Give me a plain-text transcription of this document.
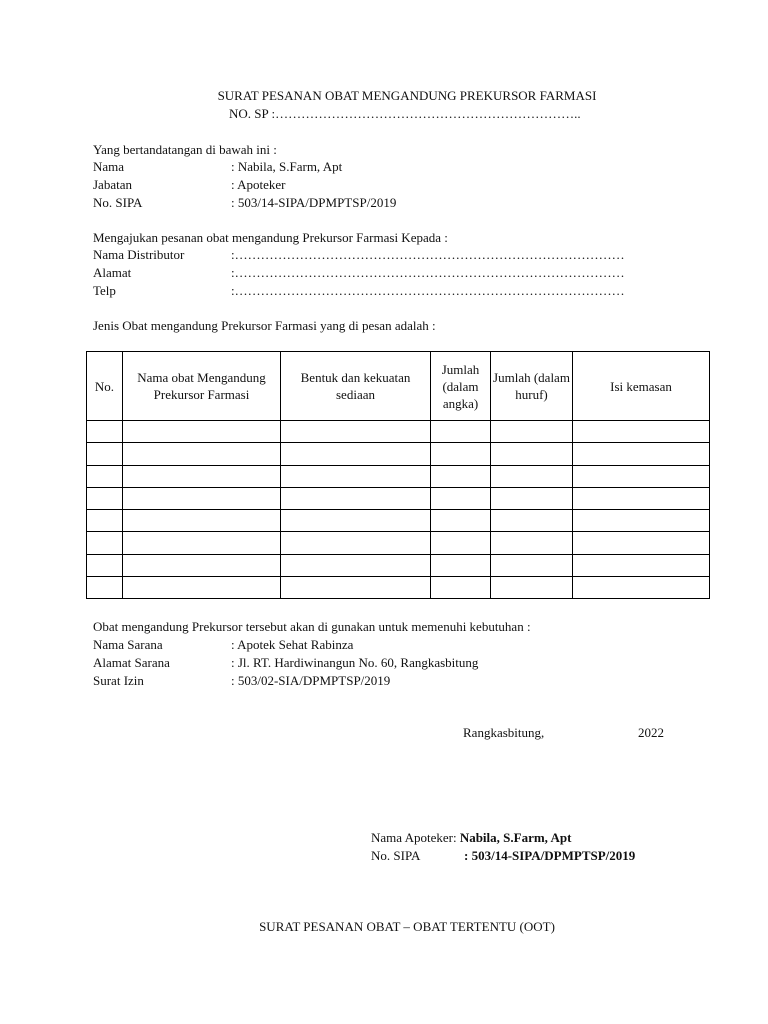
SURAT PESANAN OBAT MENGANDUNG PREKURSOR FARMASI
NO. SP :……………………………………………………………..
Yang bertandatangan di bawah ini :
Nama	: Nabila, S.Farm, Apt
Jabatan	: Apoteker
No. SIPA	: 503/14-SIPA/DPMPTSP/2019
Mengajukan pesanan obat mengandung Prekursor Farmasi Kepada :
Nama Distributor	:………………………………………………………………………………
Alamat	:………………………………………………………………………………
Telp	:………………………………………………………………………………
Jenis Obat mengandung Prekursor Farmasi yang di pesan adalah :
No.	Nama obat Mengandung Prekursor Farmasi	Bentuk dan kekuatan sediaan	Jumlah (dalam angka)	Jumlah (dalam huruf)	Isi kemasan

Obat mengandung Prekursor tersebut akan di gunakan untuk memenuhi kebutuhan :
Nama Sarana	: Apotek Sehat Rabinza
Alamat Sarana	: Jl. RT. Hardiwinangun No. 60, Rangkasbitung
Surat Izin	: 503/02-SIA/DPMPTSP/2019
Rangkasbitung,	2022
Nama Apoteker: Nabila, S.Farm, Apt
No. SIPA	: 503/14-SIPA/DPMPTSP/2019
SURAT PESANAN OBAT – OBAT TERTENTU (OOT)
